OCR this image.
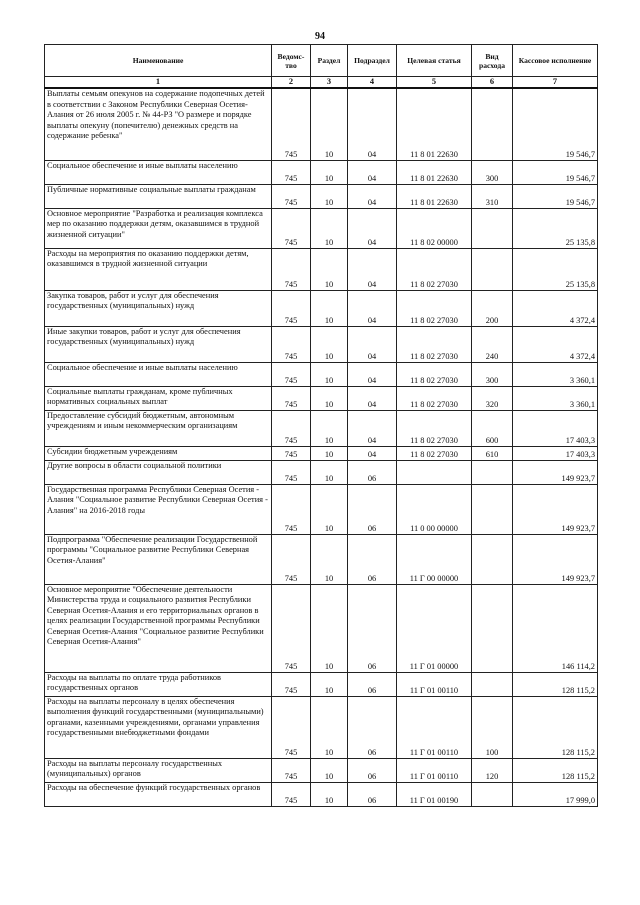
94
Наименование	Ведомс-тво	Раздел	Подраздел	Целевая статья	Вид расхода	Кассовое исполнение
1	2	3	4	5	6	7
Выплаты семьям опекунов на содержание подопечных детей в соответствии с Законом Республики Северная Осетия-Алания от 26 июля 2005 г. № 44-РЗ "О размере и порядке выплаты опекуну (попечителю) денежных средств на содержание ребенка"	745	10	04	11 8 01 22630		19 546,7
Социальное обеспечение и иные выплаты населению	745	10	04	11 8 01 22630	300	19 546,7
Публичные нормативные социальные выплаты гражданам	745	10	04	11 8 01 22630	310	19 546,7
Основное мероприятие "Разработка и реализация комплекса мер по оказанию поддержки детям, оказавшимся в трудной жизненной ситуации"	745	10	04	11 8 02 00000		25 135,8
Расходы на мероприятия по оказанию поддержки детям, оказавшимся в трудной жизненной ситуации	745	10	04	11 8 02 27030		25 135,8
Закупка товаров, работ и услуг для обеспечения государственных (муниципальных) нужд	745	10	04	11 8 02 27030	200	4 372,4
Иные закупки товаров, работ и услуг для обеспечения государственных (муниципальных) нужд	745	10	04	11 8 02 27030	240	4 372,4
Социальное обеспечение и иные выплаты населению	745	10	04	11 8 02 27030	300	3 360,1
Социальные выплаты гражданам, кроме публичных нормативных социальных выплат	745	10	04	11 8 02 27030	320	3 360,1
Предоставление субсидий бюджетным, автономным учреждениям и иным некоммерческим организациям	745	10	04	11 8 02 27030	600	17 403,3
Субсидии бюджетным учреждениям	745	10	04	11 8 02 27030	610	17 403,3
Другие вопросы в области социальной политики	745	10	06			149 923,7
Государственная программа Республики Северная Осетия - Алания "Социальное развитие Республики Северная Осетия - Алания" на 2016-2018 годы	745	10	06	11 0 00 00000		149 923,7
Подпрограмма "Обеспечение реализации Государственной программы "Социальное развитие Республики Северная Осетия-Алания"	745	10	06	11 Г 00 00000		149 923,7
Основное мероприятие "Обеспечение деятельности Министерства труда и социального развития Республики Северная Осетия-Алания и его территориальных органов в целях реализации Государственной программы Республики Северная Осетия-Алания "Социальное развитие Республики Северная Осетия-Алания"	745	10	06	11 Г 01 00000		146 114,2
Расходы на выплаты по оплате труда работников государственных органов	745	10	06	11 Г 01 00110		128 115,2
Расходы на выплаты персоналу в целях обеспечения выполнения функций государственными (муниципальными) органами, казенными учреждениями, органами управления государственными внебюджетными фондами	745	10	06	11 Г 01 00110	100	128 115,2
Расходы на выплаты персоналу государственных (муниципальных) органов	745	10	06	11 Г 01 00110	120	128 115,2
Расходы на обеспечение функций государственных органов	745	10	06	11 Г 01 00190		17 999,0
